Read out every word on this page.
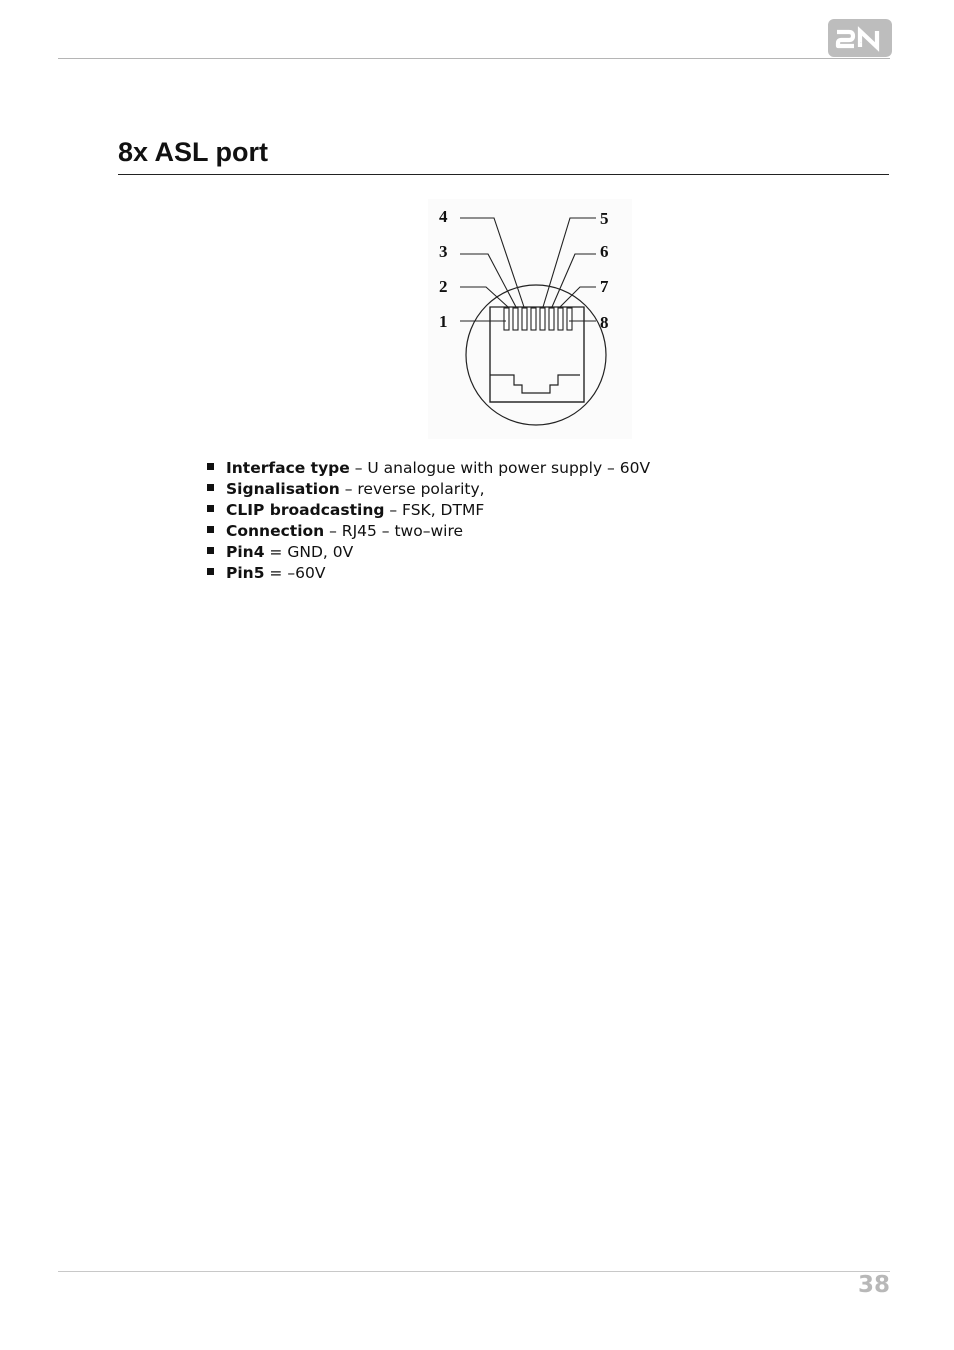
2N
8x ASL port
1
2
3
4	5
6
7
8
Interface type – U analogue with power supply – 60V
Signalisation – reverse polarity,
CLIP broadcasting – FSK, DTMF
Connection – RJ45 – two–wire
Pin4 = GND, 0V
Pin5 = –60V
38
